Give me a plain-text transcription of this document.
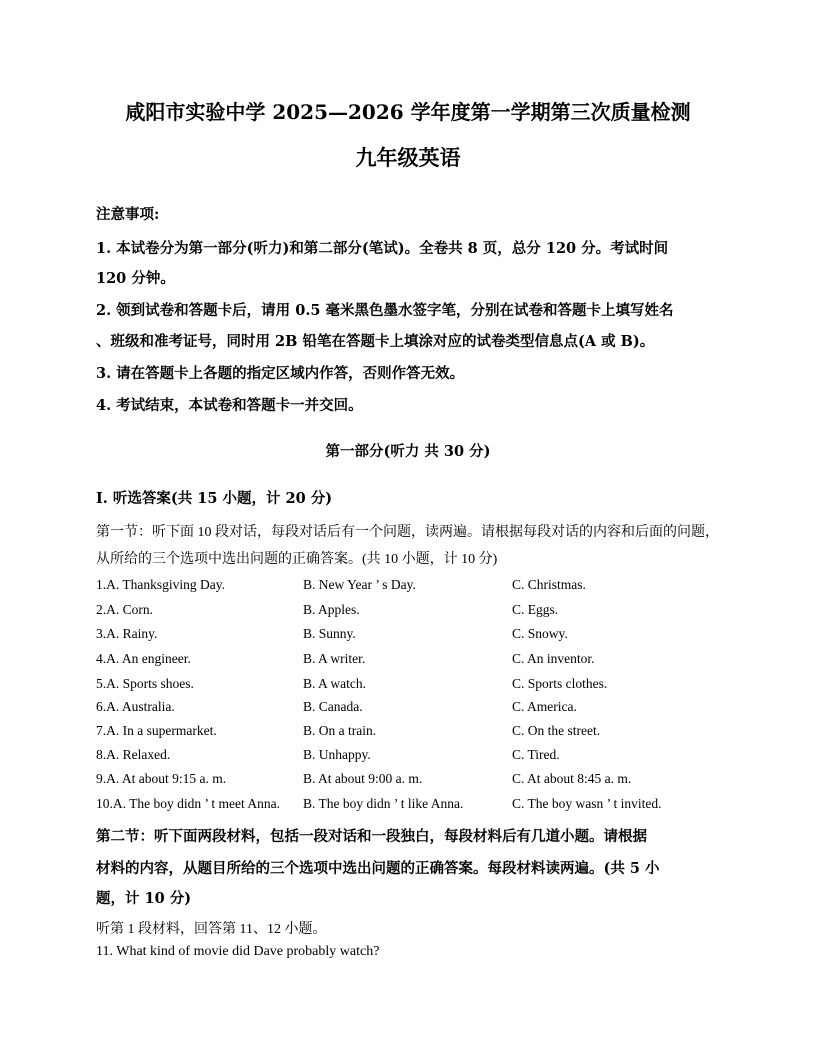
咸阳市实验中学 2025—2026 学年度第一学期第三次质量检测
九年级英语
注意事项:
1. 本试卷分为第一部分(听力)和第二部分(笔试)。全卷共 8 页，总分 120 分。考试时间
120 分钟。
2. 领到试卷和答题卡后，请用 0.5 毫米黑色墨水签字笔，分别在试卷和答题卡上填写姓名
、班级和准考证号，同时用 2B 铅笔在答题卡上填涂对应的试卷类型信息点(A 或 B)。
3. 请在答题卡上各题的指定区域内作答，否则作答无效。
4. 考试结束，本试卷和答题卡一并交回。
第一部分(听力 共 30 分)
Ⅰ. 听选答案(共 15 小题，计 20 分)
第一节：听下面 10 段对话，每段对话后有一个问题，读两遍。请根据每段对话的内容和后面的问题，
从所给的三个选项中选出问题的正确答案。(共 10 小题，计 10 分)
1.A. Thanksgiving Day.	B. New Year ’ s Day.	C. Christmas.
2.A. Corn.	B. Apples.	C. Eggs.
3.A. Rainy.	B. Sunny.	C. Snowy.
4.A. An engineer.	B. A writer.	C. An inventor.
5.A. Sports shoes.	B. A watch.	C. Sports clothes.
6.A. Australia.	B. Canada.	C. America.
7.A. In a supermarket.	B. On a train.	C. On the street.
8.A. Relaxed.	B. Unhappy.	C. Tired.
9.A. At about 9:15 a. m.	B. At about 9:00 a. m.	C. At about 8:45 a. m.
10.A. The boy didn ’ t meet Anna. B. The boy didn ’ t like Anna.	C. The boy wasn ’ t invited.
第二节：听下面两段材料，包括一段对话和一段独白，每段材料后有几道小题。请根据
材料的内容，从题目所给的三个选项中选出问题的正确答案。每段材料读两遍。(共 5 小
题，计 10 分)
听第 1 段材料，回答第 11、12 小题。
11. What kind of movie did Dave probably watch?
